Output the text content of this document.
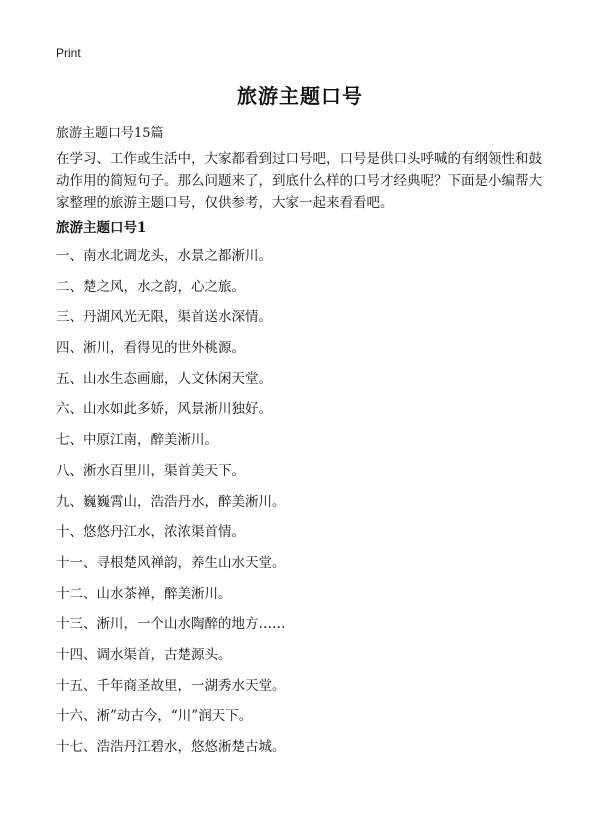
Print
旅游主题口号
旅游主题口号15篇
在学习、工作或生活中，大家都看到过口号吧，口号是供口头呼喊的有纲领性和鼓动作用的简短句子。那么问题来了，到底什么样的口号才经典呢？下面是小编帮大家整理的旅游主题口号，仅供参考，大家一起来看看吧。
旅游主题口号1
一、南水北调龙头，水景之都淅川。
二、楚之风，水之韵，心之旅。
三、丹湖风光无限，渠首送水深情。
四、淅川，看得见的世外桃源。
五、山水生态画廊，人文休闲天堂。
六、山水如此多娇，风景淅川独好。
七、中原江南，醉美淅川。
八、淅水百里川，渠首美天下。
九、巍巍霄山，浩浩丹水，醉美淅川。
十、悠悠丹江水，浓浓渠首情。
十一、寻根楚风禅韵，养生山水天堂。
十二、山水茶禅，醉美淅川。
十三、淅川，一个山水陶醉的地方……
十四、调水渠首，古楚源头。
十五、千年商圣故里，一湖秀水天堂。
十六、淅”动古今，“川”润天下。
十七、浩浩丹江碧水，悠悠淅楚古城。
